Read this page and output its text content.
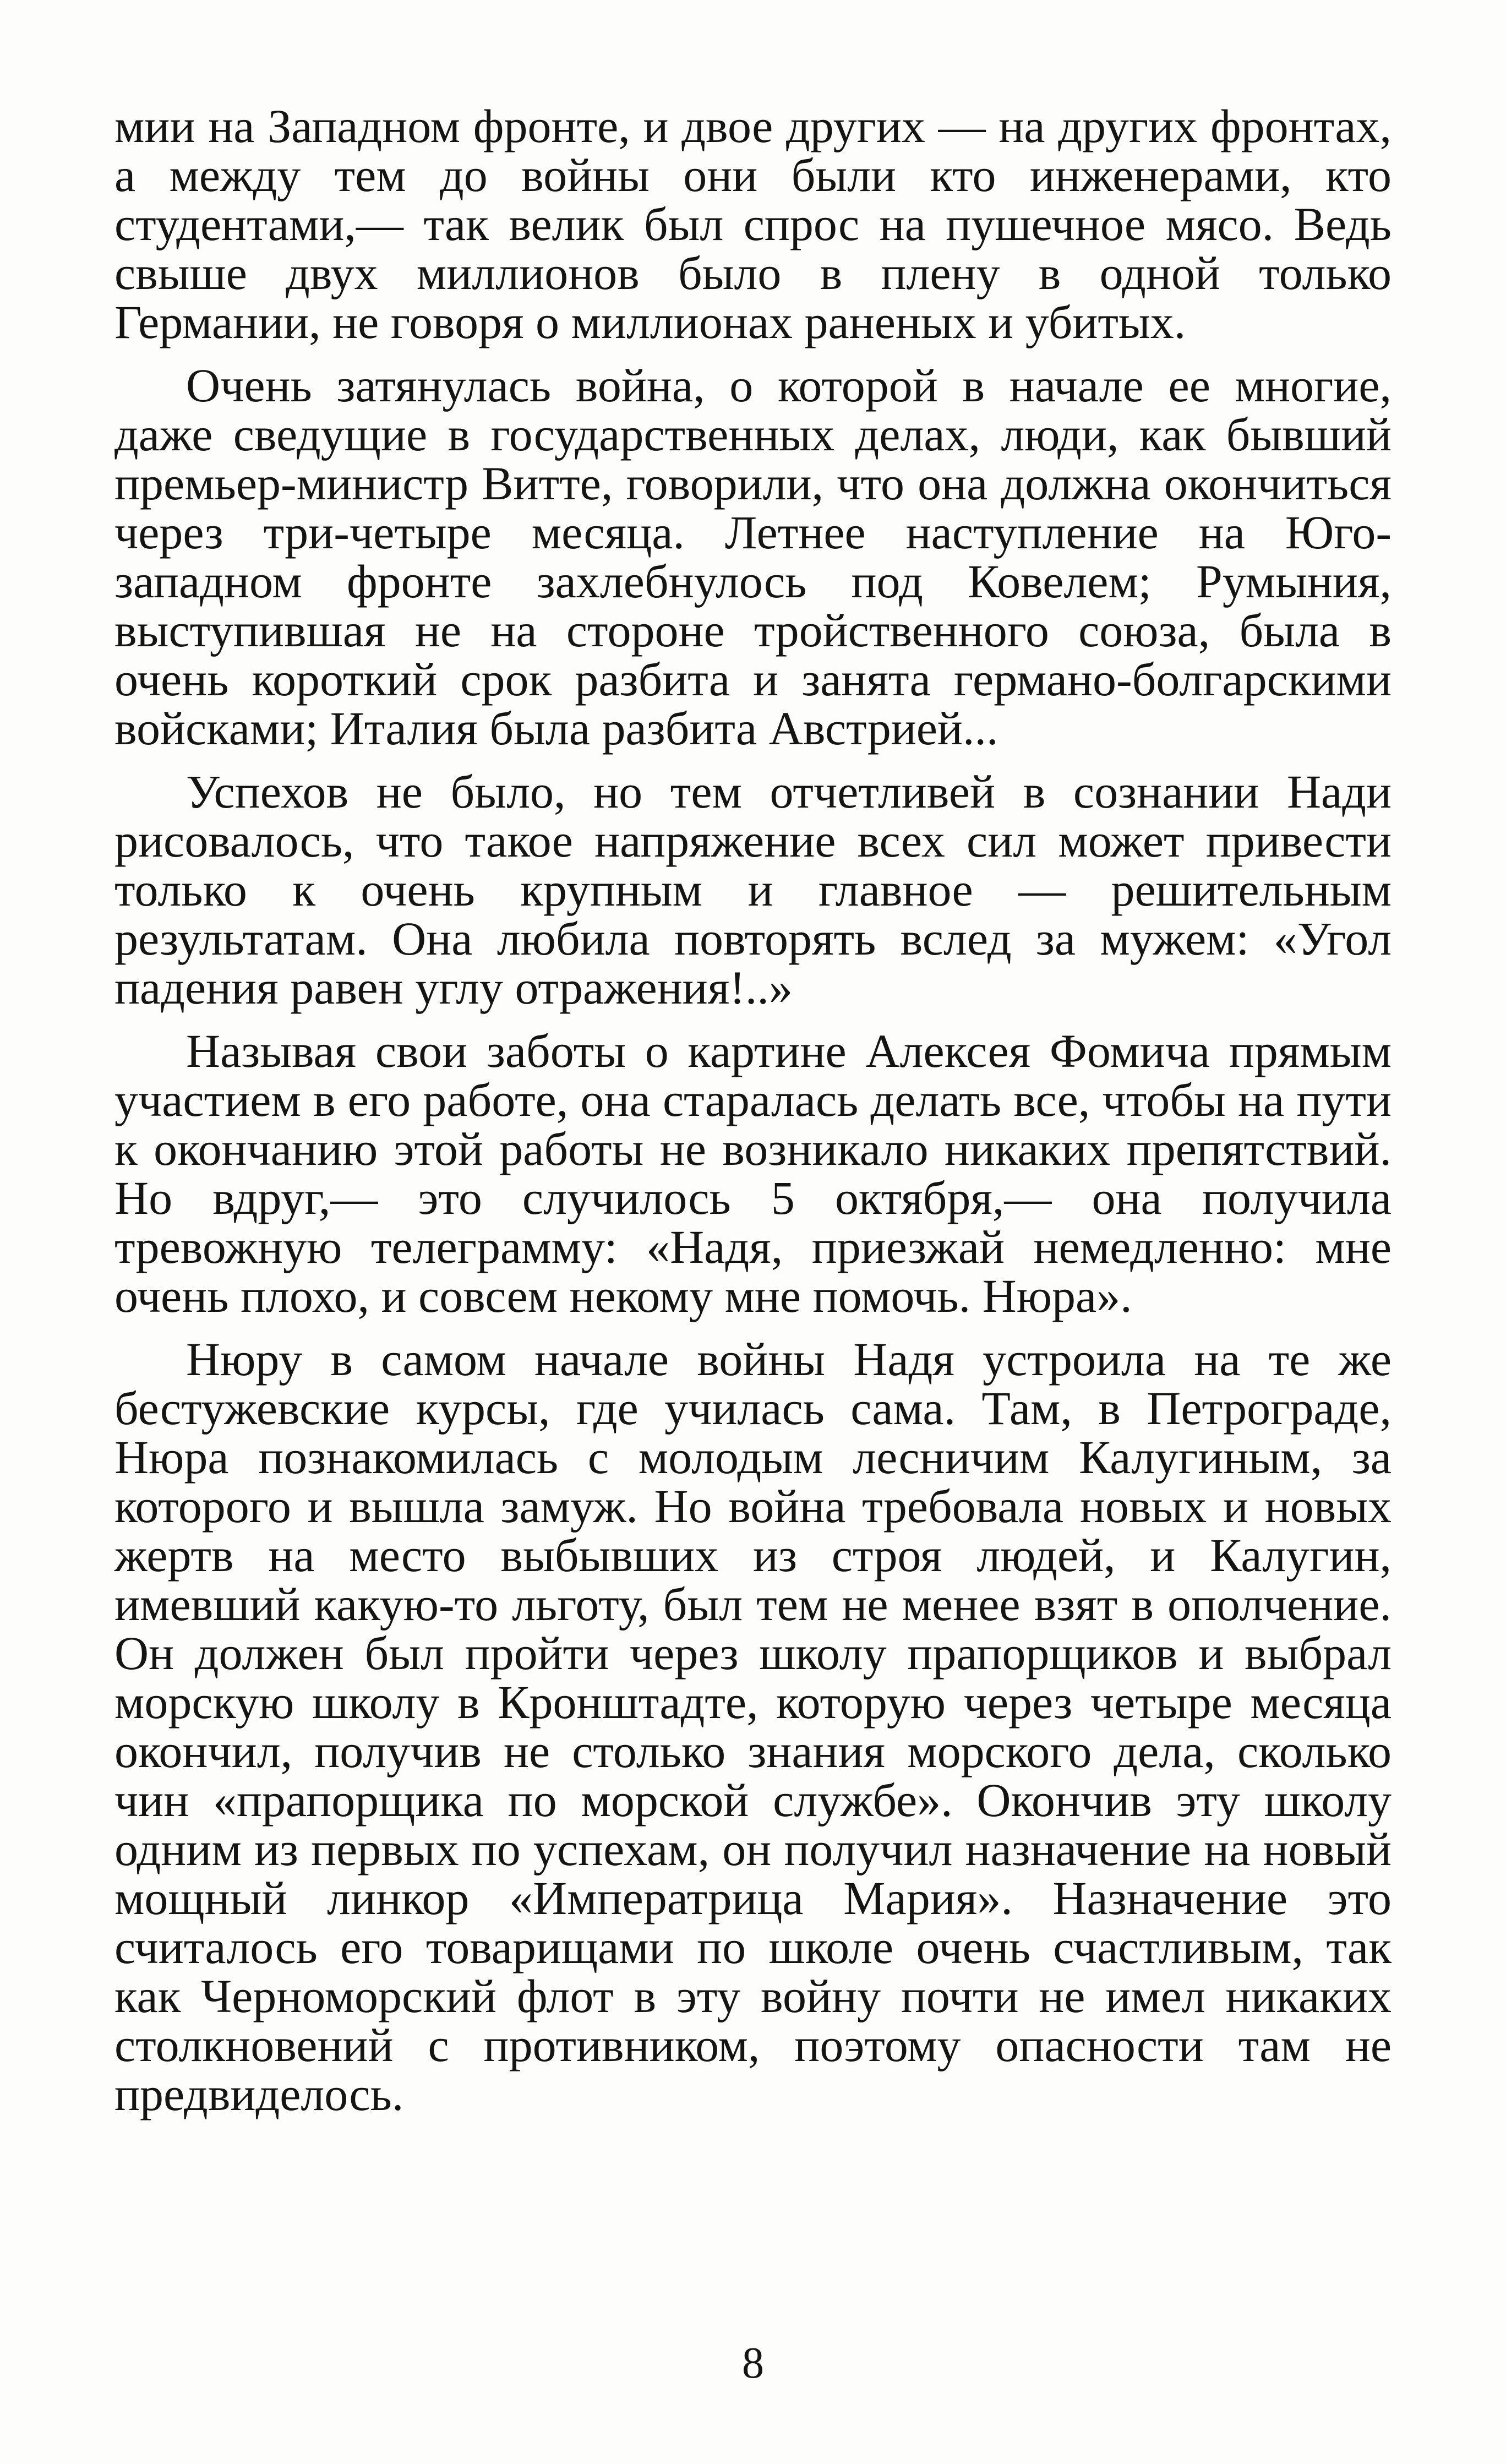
мии на Западном фронте, и двое других — на других фронтах, а между тем до войны они были кто инженерами, кто студентами,— так велик был спрос на пушечное мясо. Ведь свыше двух миллионов было в плену в одной только Германии, не говоря о миллионах раненых и убитых.

Очень затянулась война, о которой в начале ее многие, даже сведущие в государственных делах, люди, как бывший премьер-министр Витте, говорили, что она должна окончиться через три-четыре месяца. Летнее наступление на Юго-западном фронте захлебнулось под Ковелем; Румыния, выступившая не на стороне тройственного союза, была в очень короткий срок разбита и занята германо-болгарскими войсками; Италия была разбита Австрией...

Успехов не было, но тем отчетливей в сознании Нади рисовалось, что такое напряжение всех сил может привести только к очень крупным и главное — решительным результатам. Она любила повторять вслед за мужем: «Угол падения равен углу отражения!..»

Называя свои заботы о картине Алексея Фомича прямым участием в его работе, она старалась делать все, чтобы на пути к окончанию этой работы не возникало никаких препятствий. Но вдруг,— это случилось 5 октября,— она получила тревожную телеграмму: «Надя, приезжай немедленно: мне очень плохо, и совсем некому мне помочь. Нюра».

Нюру в самом начале войны Надя устроила на те же бестужевские курсы, где училась сама. Там, в Петрограде, Нюра познакомилась с молодым лесничим Калугиным, за которого и вышла замуж. Но война требовала новых и новых жертв на место выбывших из строя людей, и Калугин, имевший какую-то льготу, был тем не менее взят в ополчение. Он должен был пройти через школу прапорщиков и выбрал морскую школу в Кронштадте, которую через четыре месяца окончил, получив не столько знания морского дела, сколько чин «прапорщика по морской службе». Окончив эту школу одним из первых по успехам, он получил назначение на новый мощный линкор «Императрица Мария». Назначение это считалось его товарищами по школе очень счастливым, так как Черноморский флот в эту войну почти не имел никаких столкновений с противником, поэтому опасности там не предвиделось.

8
